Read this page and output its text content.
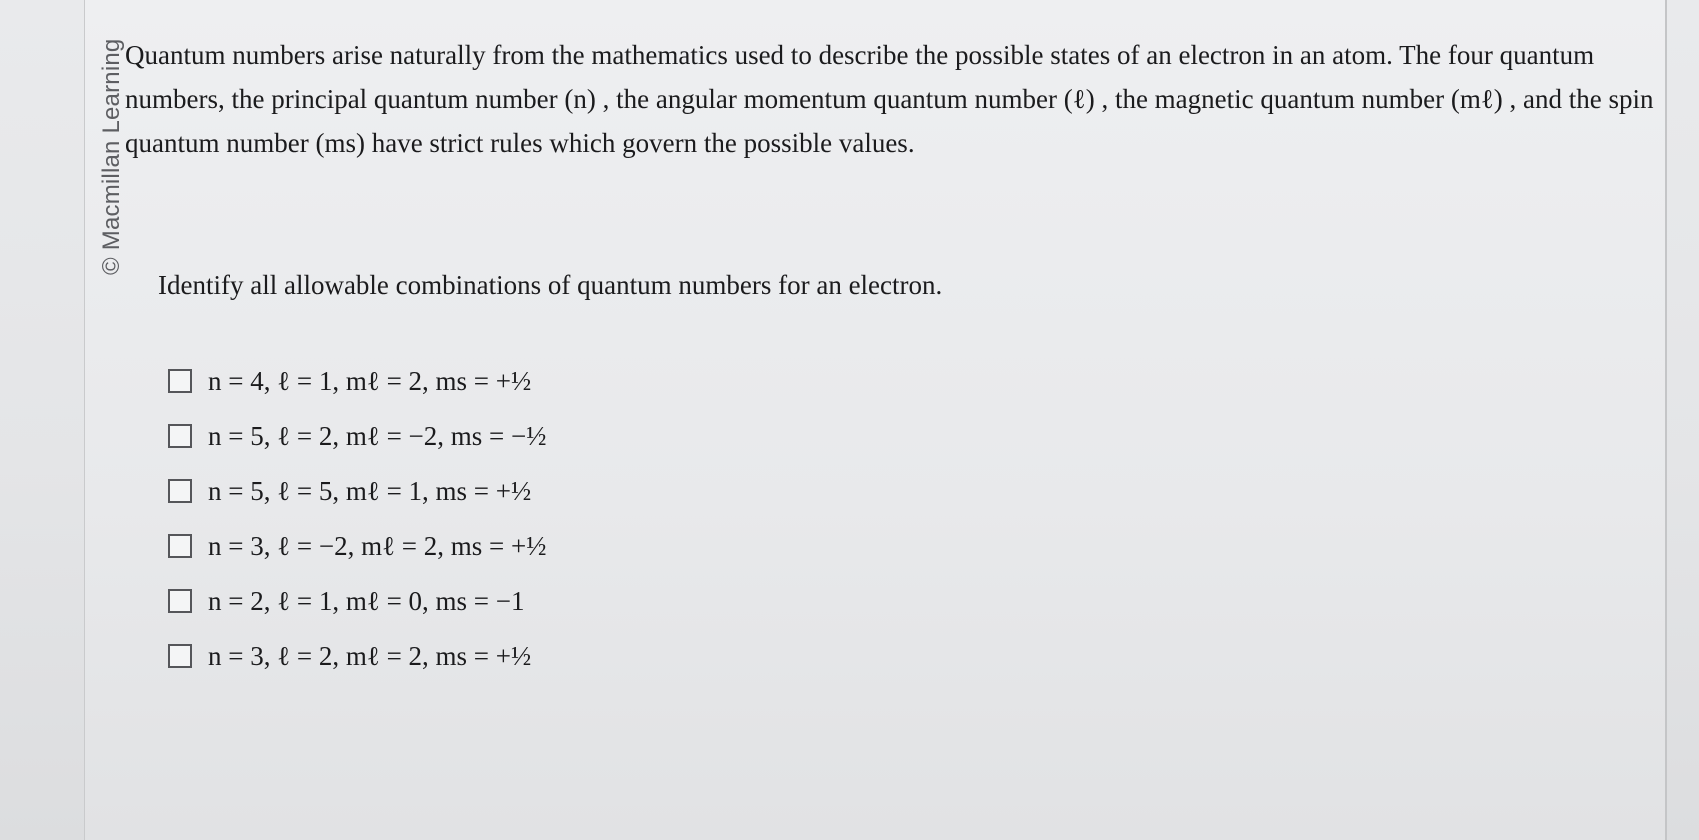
© Macmillan Learning Quantum numbers arise naturally from the mathematics used to describe the possible states of an electron in an atom. The four quantum numbers, the principal quantum number (n) , the angular momentum quantum number (ℓ) , the magnetic quantum number (mℓ) , and the spin quantum number (ms) have strict rules which govern the possible values.

Identify all allowable combinations of quantum numbers for an electron.

n = 4, ℓ = 1, mℓ = 2, ms = +½
n = 5, ℓ = 2, mℓ = −2, ms = −½
n = 5, ℓ = 5, mℓ = 1, ms = +½
n = 3, ℓ = −2, mℓ = 2, ms = +½
n = 2, ℓ = 1, mℓ = 0, ms = −1
n = 3, ℓ = 2, mℓ = 2, ms = +½
